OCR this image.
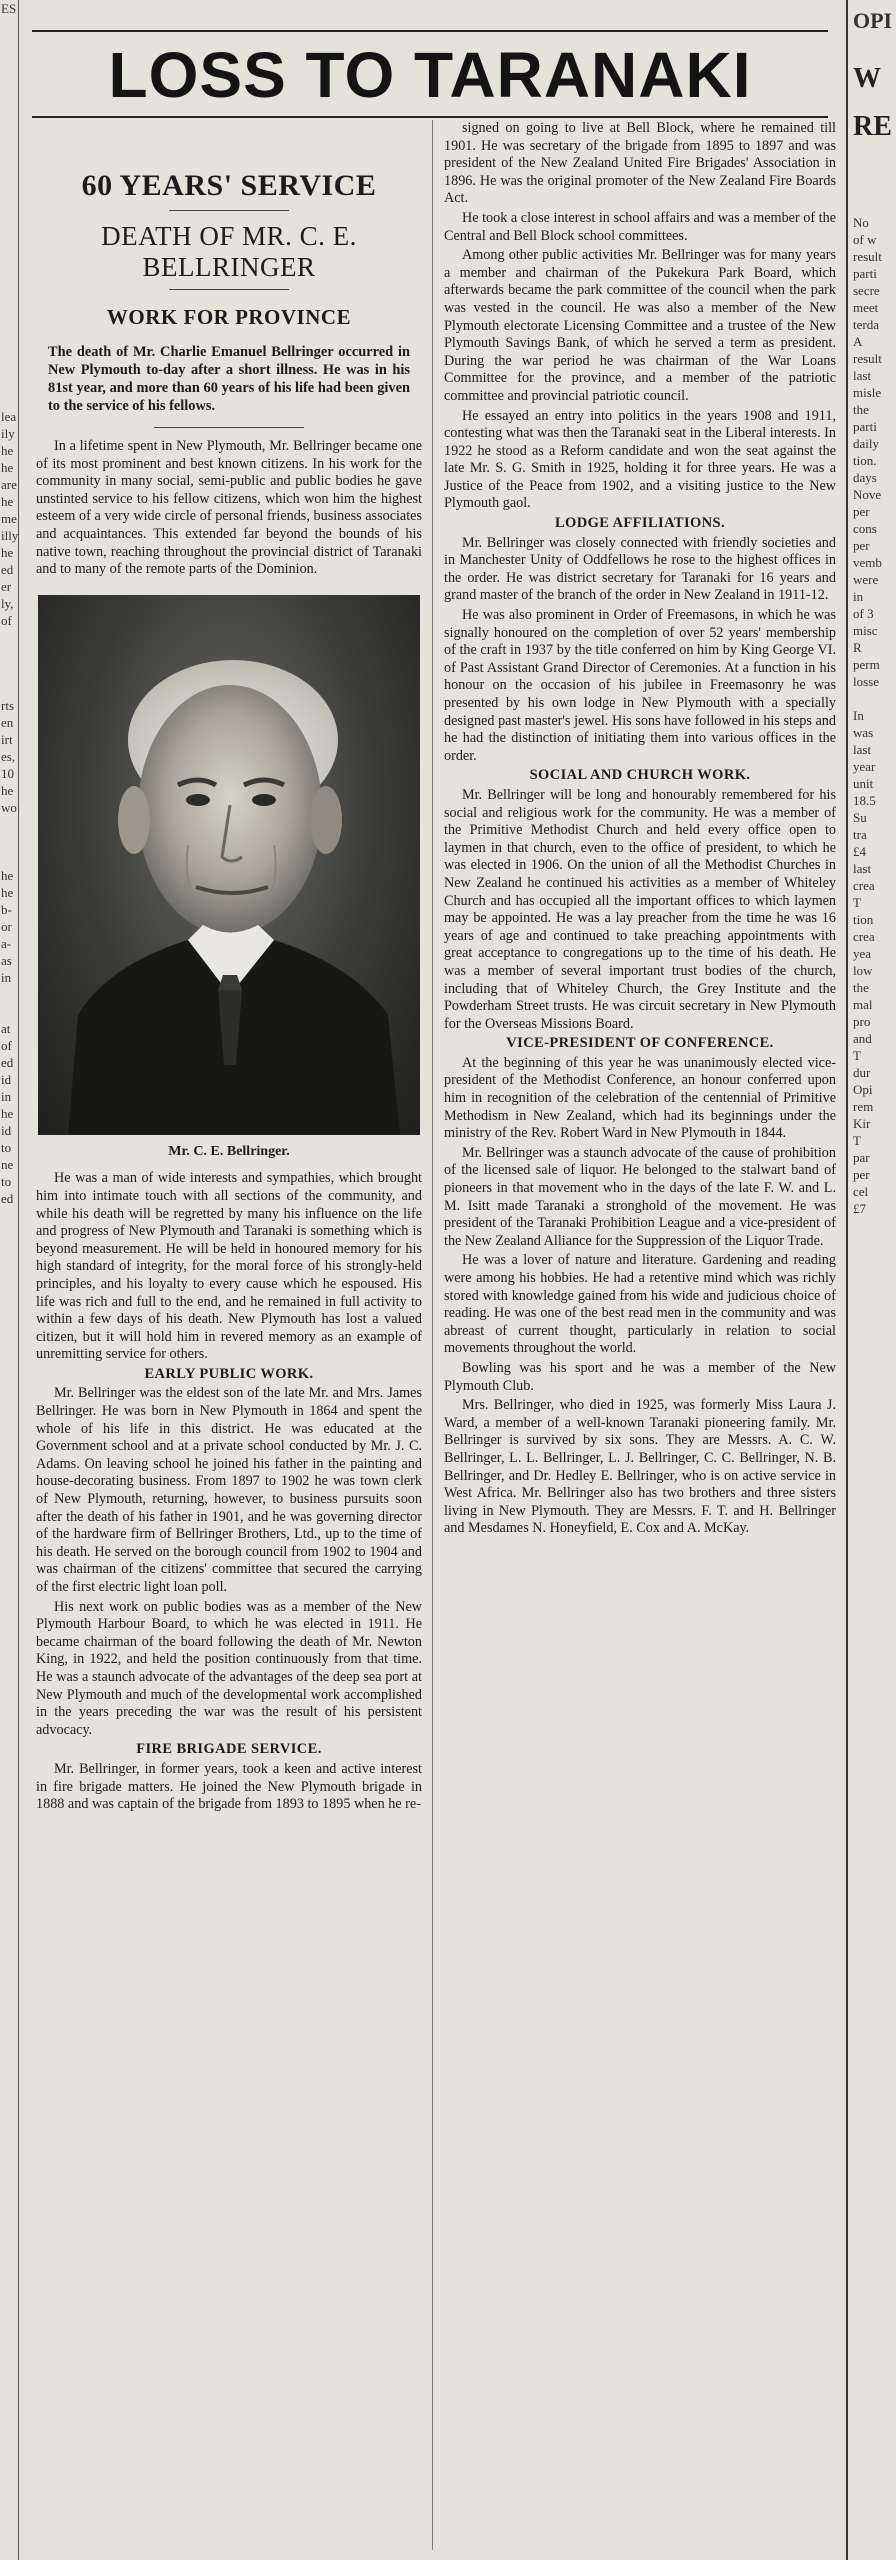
ES

lea

ily

he

he

are

he

me

illy

he

ed

er

ly,

of

rts

en

irt

es,

10

he

wo

he

he

b-

or

a-

as

in

at

of

ed

id

in

he

id

to

ne

to

ed

OPI

W

RE

No

of w

result

parti

secre

meet

terda

A

result

last

misle

the

parti

daily

tion.

days

Nove

per

cons

per

vemb

were

in

of 3

misc

R

perm

losse

In

was

last

year

unit

18.5

Su

tra

£4

last

crea

T

tion

crea

yea

low

the

mal

pro

and

T

dur

Opi

rem

Kir

T

par

per

cel

£7

LOSS TO TARANAKI
60 YEARS' SERVICE
DEATH OF MR. C. E.
BELLRINGER
WORK FOR PROVINCE
The death of Mr. Charlie Emanuel Bellringer occurred in New Plymouth to-day after a short illness. He was in his 81st year, and more than 60 years of his life had been given to the service of his fellows.

In a lifetime spent in New Plymouth, Mr. Bellringer became one of its most prominent and best known citizens. In his work for the community in many social, semi-public and public bodies he gave unstinted service to his fellow citizens, which won him the highest esteem of a very wide circle of personal friends, business associates and acquaintances. This extended far beyond the bounds of his native town, reaching throughout the provincial district of Taranaki and to many of the remote parts of the Dominion.

Mr. C. E. Bellringer.

He was a man of wide interests and sympathies, which brought him into intimate touch with all sections of the community, and while his death will be regretted by many his influence on the life and progress of New Plymouth and Taranaki is something which is beyond measurement. He will be held in honoured memory for his high standard of integrity, for the moral force of his strongly-held principles, and his loyalty to every cause which he espoused. His life was rich and full to the end, and he remained in full activity to within a few days of his death. New Plymouth has lost a valued citizen, but it will hold him in revered memory as an example of unremitting service for others.

EARLY PUBLIC WORK.

Mr. Bellringer was the eldest son of the late Mr. and Mrs. James Bellringer. He was born in New Plymouth in 1864 and spent the whole of his life in this district. He was educated at the Government school and at a private school conducted by Mr. J. C. Adams. On leaving school he joined his father in the painting and house-decorating business. From 1897 to 1902 he was town clerk of New Plymouth, returning, however, to business pursuits soon after the death of his father in 1901, and he was governing director of the hardware firm of Bellringer Brothers, Ltd., up to the time of his death. He served on the borough council from 1902 to 1904 and was chairman of the citizens' committee that secured the carrying of the first electric light loan poll.

His next work on public bodies was as a member of the New Plymouth Harbour Board, to which he was elected in 1911. He became chairman of the board following the death of Mr. Newton King, in 1922, and held the position continuously from that time. He was a staunch advocate of the advantages of the deep sea port at New Plymouth and much of the developmental work accomplished in the years preceding the war was the result of his persistent advocacy.

FIRE BRIGADE SERVICE.

Mr. Bellringer, in former years, took a keen and active interest in fire brigade matters. He joined the New Plymouth brigade in 1888 and was captain of the brigade from 1893 to 1895 when he re-

signed on going to live at Bell Block, where he remained till 1901. He was secretary of the brigade from 1895 to 1897 and was president of the New Zealand United Fire Brigades' Association in 1896. He was the original promoter of the New Zealand Fire Boards Act.

He took a close interest in school affairs and was a member of the Central and Bell Block school committees.

Among other public activities Mr. Bellringer was for many years a member and chairman of the Pukekura Park Board, which afterwards became the park committee of the council when the park was vested in the council. He was also a member of the New Plymouth electorate Licensing Committee and a trustee of the New Plymouth Savings Bank, of which he served a term as president. During the war period he was chairman of the War Loans Committee for the province, and a member of the patriotic committee and provincial patriotic council.

He essayed an entry into politics in the years 1908 and 1911, contesting what was then the Taranaki seat in the Liberal interests. In 1922 he stood as a Reform candidate and won the seat against the late Mr. S. G. Smith in 1925, holding it for three years. He was a Justice of the Peace from 1902, and a visiting justice to the New Plymouth gaol.

LODGE AFFILIATIONS.

Mr. Bellringer was closely connected with friendly societies and in Manchester Unity of Oddfellows he rose to the highest offices in the order. He was district secretary for Taranaki for 16 years and grand master of the branch of the order in New Zealand in 1911-12.

He was also prominent in Order of Freemasons, in which he was signally honoured on the completion of over 52 years' membership of the craft in 1937 by the title conferred on him by King George VI. of Past Assistant Grand Director of Ceremonies. At a function in his honour on the occasion of his jubilee in Freemasonry he was presented by his own lodge in New Plymouth with a specially designed past master's jewel. His sons have followed in his steps and he had the distinction of initiating them into various offices in the order.

SOCIAL AND CHURCH WORK.

Mr. Bellringer will be long and honourably remembered for his social and religious work for the community. He was a member of the Primitive Methodist Church and held every office open to laymen in that church, even to the office of president, to which he was elected in 1906. On the union of all the Methodist Churches in New Zealand he continued his activities as a member of Whiteley Church and has occupied all the important offices to which laymen may be appointed. He was a lay preacher from the time he was 16 years of age and continued to take preaching appointments with great acceptance to congregations up to the time of his death. He was a member of several important trust bodies of the church, including that of Whiteley Church, the Grey Institute and the Powderham Street trusts. He was circuit secretary in New Plymouth for the Overseas Missions Board.

VICE-PRESIDENT OF CONFERENCE.

At the beginning of this year he was unanimously elected vice-president of the Methodist Conference, an honour conferred upon him in recognition of the celebration of the centennial of Primitive Methodism in New Zealand, which had its beginnings under the ministry of the Rev. Robert Ward in New Plymouth in 1844.

Mr. Bellringer was a staunch advocate of the cause of prohibition of the licensed sale of liquor. He belonged to the stalwart band of pioneers in that movement who in the days of the late F. W. and L. M. Isitt made Taranaki a stronghold of the movement. He was president of the Taranaki Prohibition League and a vice-president of the New Zealand Alliance for the Suppression of the Liquor Trade.

He was a lover of nature and literature. Gardening and reading were among his hobbies. He had a retentive mind which was richly stored with knowledge gained from his wide and judicious choice of reading. He was one of the best read men in the community and was abreast of current thought, particularly in relation to social movements throughout the world.

Bowling was his sport and he was a member of the New Plymouth Club.

Mrs. Bellringer, who died in 1925, was formerly Miss Laura J. Ward, a member of a well-known Taranaki pioneering family. Mr. Bellringer is survived by six sons. They are Messrs. A. C. W. Bellringer, L. L. Bellringer, L. J. Bellringer, C. C. Bellringer, N. B. Bellringer, and Dr. Hedley E. Bellringer, who is on active service in West Africa. Mr. Bellringer also has two brothers and three sisters living in New Plymouth. They are Messrs. F. T. and H. Bellringer and Mesdames N. Honeyfield, E. Cox and A. McKay.
